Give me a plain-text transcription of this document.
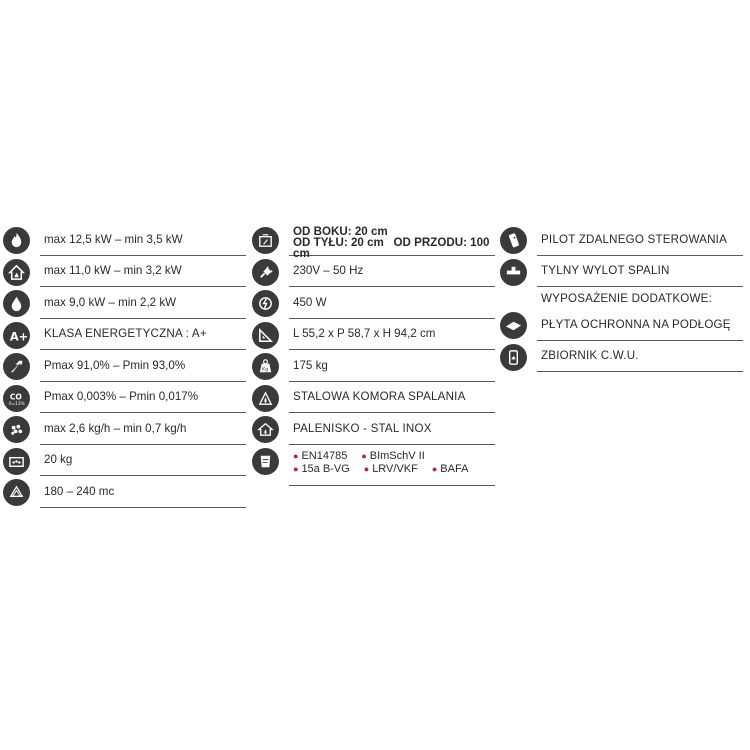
max 12,5 kW – min 3,5 kW
max 11,0 kW – min 3,2 kW
max 9,0 kW – min 2,2 kW
A+	KLASA ENERGETYCZNA : A+
Pmax 91,0% – Pmin 93,0%
CO
0=13%
Pmax 0,003% – Pmin 0,017%
max 2,6 kg/h – min 0,7 kg/h
20 kg
180 – 240 mc
OD BOKU: 20 cm
OD TYŁU: 20 cm OD PRZODU: 100 cm
230V – 50 Hz
450 W
L 55,2 x P 58,7 x H 94,2 cm
Kg	175 kg
STALOWA KOMORA SPALANIA
PALENISKO - STAL INOX
● EN14785 ● BImSchV II
● 15a B-VG ● LRV/VKF ● BAFA
PILOT ZDALNEGO STEROWANIA
TYLNY WYLOT SPALIN
WYPOSAŻENIE DODATKOWE:
PŁYTA OCHRONNA NA PODŁOGĘ
ZBIORNIK C.W.U.
